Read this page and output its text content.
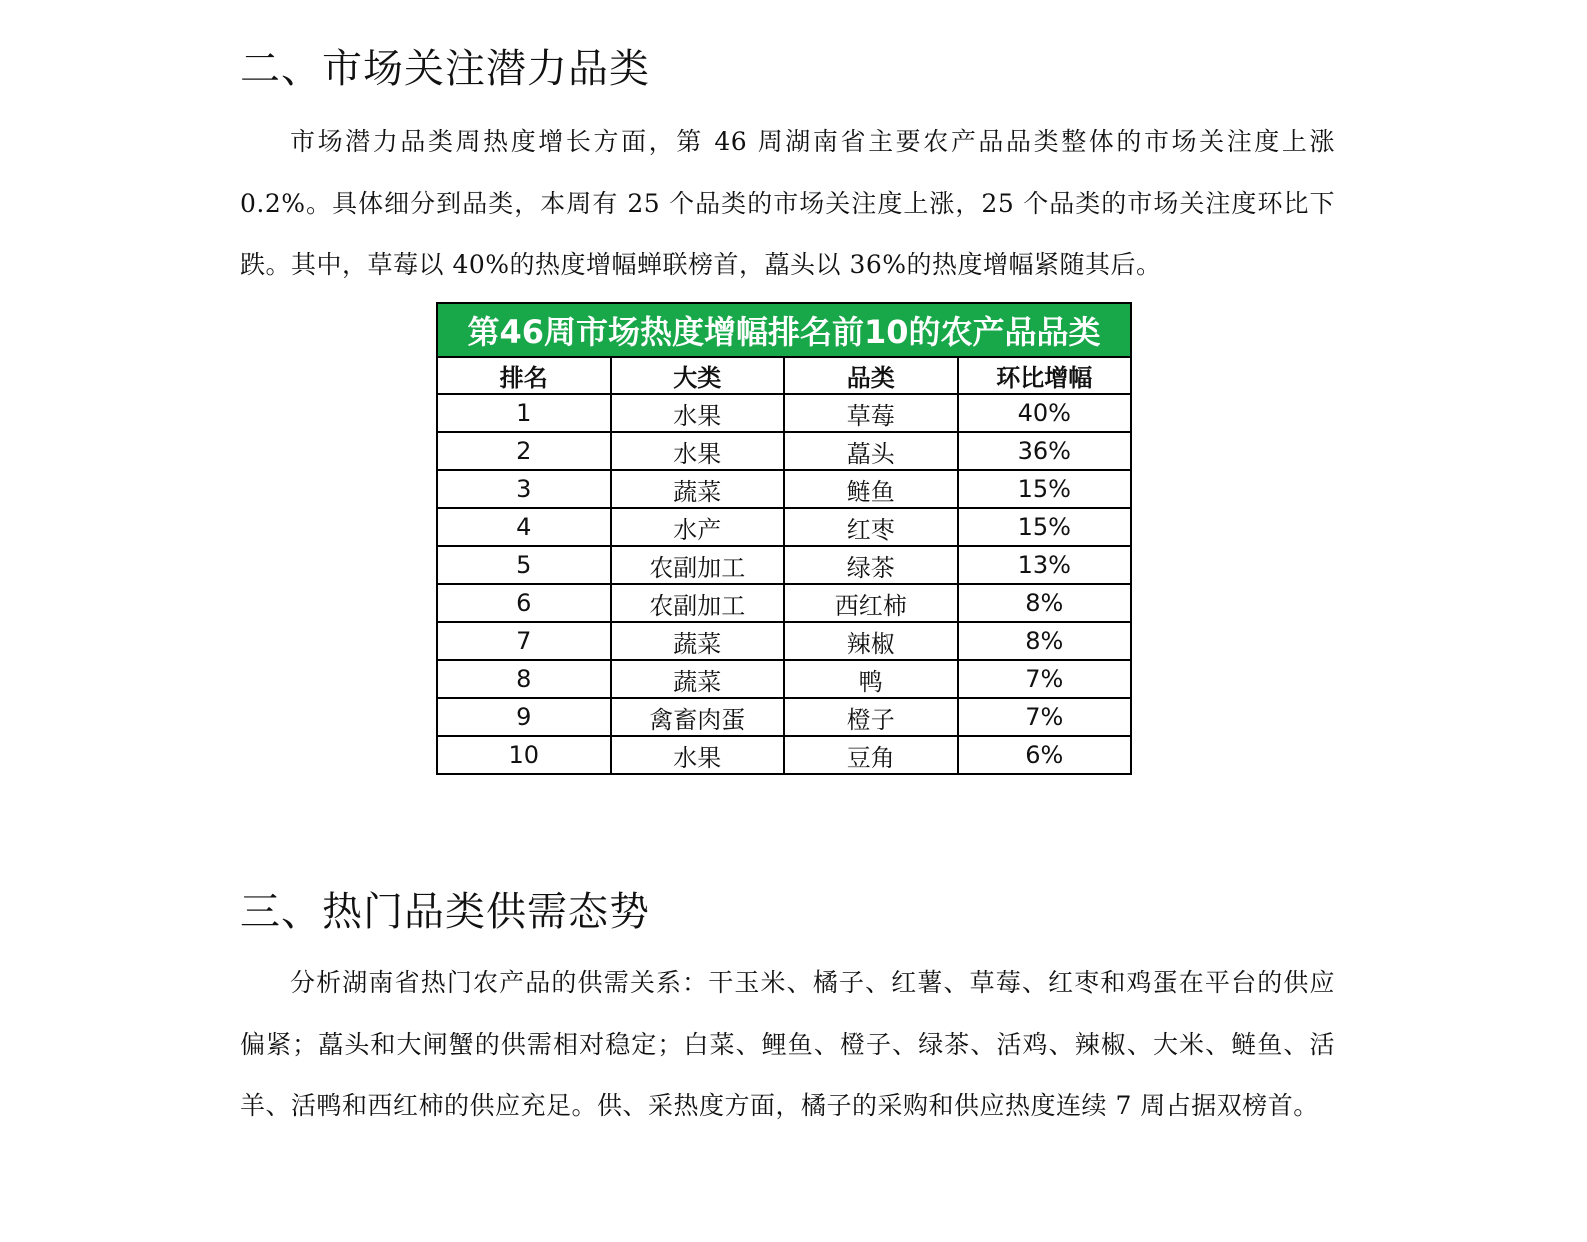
二、市场关注潜力品类

市场潜力品类周热度增长方面，第 46 周湖南省主要农产品品类整体的市场关注度上涨 0.2%。具体细分到品类，本周有 25 个品类的市场关注度上涨，25 个品类的市场关注度环比下跌。其中，草莓以 40%的热度增幅蝉联榜首，藠头以 36%的热度增幅紧随其后。

第46周市场热度增幅排名前10的农产品品类			
排名	大类	品类	环比增幅
1	水果	草莓	40%
2	水果	藠头	36%
3	蔬菜	鲢鱼	15%
4	水产	红枣	15%
5	农副加工	绿茶	13%
6	农副加工	西红柿	8%
7	蔬菜	辣椒	8%
8	蔬菜	鸭	7%
9	禽畜肉蛋	橙子	7%
10	水果	豆角	6%
三、热门品类供需态势

分析湖南省热门农产品的供需关系：干玉米、橘子、红薯、草莓、红枣和鸡蛋在平台的供应偏紧；藠头和大闸蟹的供需相对稳定；白菜、鲤鱼、橙子、绿茶、活鸡、辣椒、大米、鲢鱼、活羊、活鸭和西红柿的供应充足。供、采热度方面，橘子的采购和供应热度连续 7 周占据双榜首。
